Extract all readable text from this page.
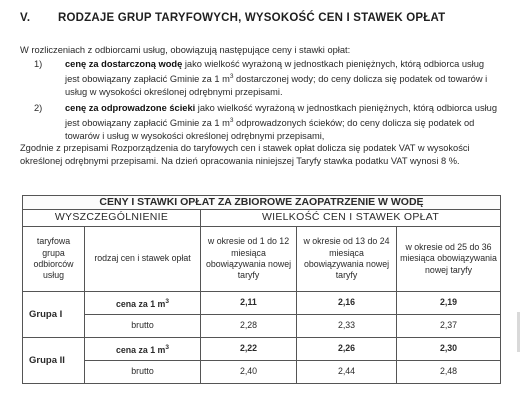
V. RODZAJE GRUP TARYFOWYCH, WYSOKOŚĆ CEN I STAWEK OPŁAT
W rozliczeniach z odbiorcami usług, obowiązują następujące ceny i stawki opłat:
1) cenę za dostarczoną wodę jako wielkość wyrażoną w jednostkach pieniężnych, którą odbiorca usług jest obowiązany zapłacić Gminie za 1 $m^3$ dostarczonej wody; do ceny dolicza się podatek od towarów i usług w wysokości określonej odrębnymi przepisami.
2) cenę za odprowadzone ścieki jako wielkość wyrażoną w jednostkach pieniężnych, którą odbiorca usług jest obowiązany zapłacić Gminie za 1 $m^3$ odprowadzonych ścieków; do ceny dolicza się podatek od towarów i usług w wysokości określonej odrębnymi przepisami,
Zgodnie z przepisami Rozporządzenia do taryfowych cen i stawek opłat dolicza się podatek VAT w wysokości określonej odrębnymi przepisami. Na dzień opracowania niniejszej Taryfy stawka podatku VAT wynosi 8 %.
CENY I STAWKI OPŁAT ZA ZBIOROWE ZAOPATRZENIE W WODĘ				
WYSZCZEGÓLNIENIE		WIELKOŚĆ CEN I STAWEK OPŁAT		
taryfowa grupa odbiorców usług	rodzaj cen i stawek opłat	w okresie od 1 do 12 miesiąca obowiązywania nowej taryfy	w okresie od 13 do 24 miesiąca obowiązywania nowej taryfy	w okresie od 25 do 36 miesiąca obowiązywania nowej taryfy
Grupa I	cena za 1 $m^3$	2,11	2,16	2,19
	brutto	2,28	2,33	2,37
Grupa II	cena za 1 $m^3$	2,22	2,26	2,30
	brutto	2,40	2,44	2,48
